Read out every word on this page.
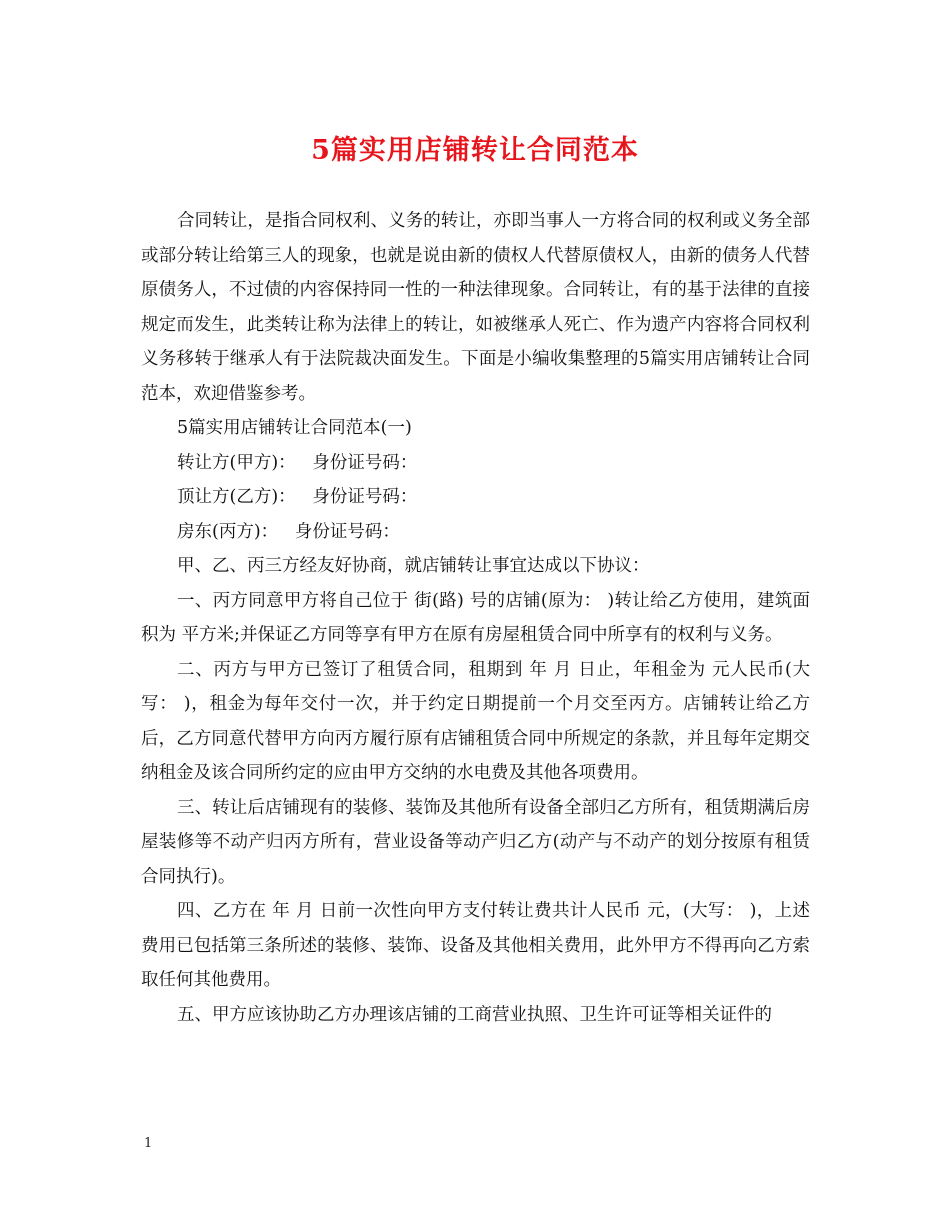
5篇实用店铺转让合同范本

合同转让，是指合同权利、义务的转让，亦即当事人一方将合同的权利或义务全部或部分转让给第三人的现象，也就是说由新的债权人代替原债权人，由新的债务人代替原债务人，不过债的内容保持同一性的一种法律现象。合同转让，有的基于法律的直接规定而发生，此类转让称为法律上的转让，如被继承人死亡、作为遗产内容将合同权利义务移转于继承人有于法院裁决面发生。下面是小编收集整理的5篇实用店铺转让合同范本，欢迎借鉴参考。

5篇实用店铺转让合同范本(一)

转让方(甲方)：   身份证号码：

顶让方(乙方)：   身份证号码：

房东(丙方)：   身份证号码：

甲、乙、丙三方经友好协商，就店铺转让事宜达成以下协议：

一、丙方同意甲方将自己位于 街(路) 号的店铺(原为： )转让给乙方使用，建筑面积为 平方米;并保证乙方同等享有甲方在原有房屋租赁合同中所享有的权利与义务。

二、丙方与甲方已签订了租赁合同，租期到 年 月 日止，年租金为 元人民币(大写： )，租金为每年交付一次，并于约定日期提前一个月交至丙方。店铺转让给乙方后，乙方同意代替甲方向丙方履行原有店铺租赁合同中所规定的条款，并且每年定期交纳租金及该合同所约定的应由甲方交纳的水电费及其他各项费用。

三、转让后店铺现有的装修、装饰及其他所有设备全部归乙方所有，租赁期满后房屋装修等不动产归丙方所有，营业设备等动产归乙方(动产与不动产的划分按原有租赁合同执行)。

四、乙方在 年 月 日前一次性向甲方支付转让费共计人民币 元，(大写： )，上述费用已包括第三条所述的装修、装饰、设备及其他相关费用，此外甲方不得再向乙方索取任何其他费用。

五、甲方应该协助乙方办理该店铺的工商营业执照、卫生许可证等相关证件的

1
